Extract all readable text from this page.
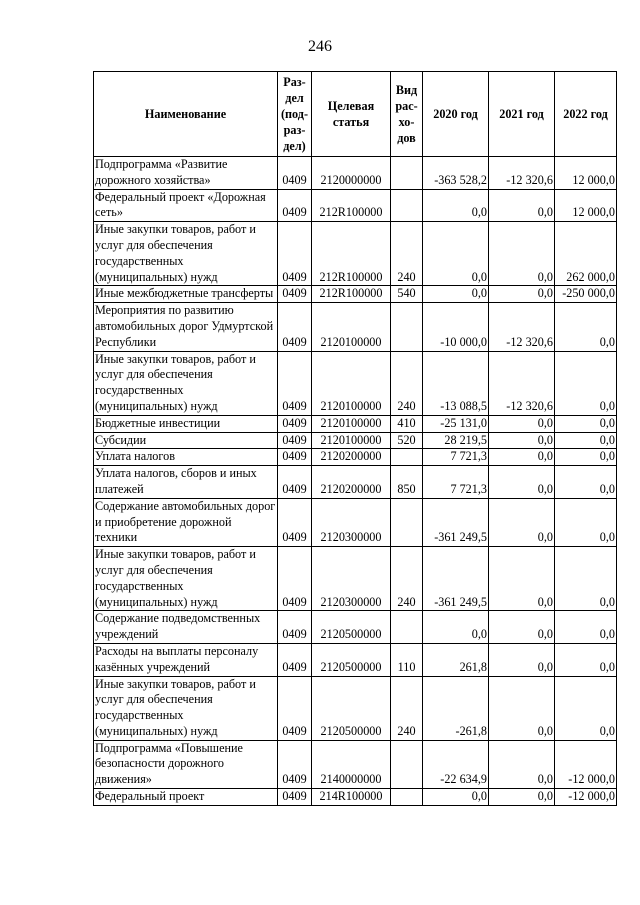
246
Наименование	Раз-дел (под-раз-дел)	Целевая статья	Вид рас-хо-дов	2020 год	2021 год	2022 год
Подпрограмма «Развитие дорожного хозяйства»	0409	2120000000		-363 528,2	-12 320,6	12 000,0
Федеральный проект «Дорожная сеть»	0409	212R100000		0,0	0,0	12 000,0
Иные закупки товаров, работ и услуг для обеспечения государственных (муниципальных) нужд	0409	212R100000	240	0,0	0,0	262 000,0
Иные межбюджетные трансферты	0409	212R100000	540	0,0	0,0	-250 000,0
Мероприятия по развитию автомобильных дорог Удмуртской Республики	0409	2120100000		-10 000,0	-12 320,6	0,0
Иные закупки товаров, работ и услуг для обеспечения государственных (муниципальных) нужд	0409	2120100000	240	-13 088,5	-12 320,6	0,0
Бюджетные инвестиции	0409	2120100000	410	-25 131,0	0,0	0,0
Субсидии	0409	2120100000	520	28 219,5	0,0	0,0
Уплата налогов	0409	2120200000		7 721,3	0,0	0,0
Уплата налогов, сборов и иных платежей	0409	2120200000	850	7 721,3	0,0	0,0
Содержание автомобильных дорог и приобретение дорожной техники	0409	2120300000		-361 249,5	0,0	0,0
Иные закупки товаров, работ и услуг для обеспечения государственных (муниципальных) нужд	0409	2120300000	240	-361 249,5	0,0	0,0
Содержание подведомственных учреждений	0409	2120500000		0,0	0,0	0,0
Расходы на выплаты персоналу казённых учреждений	0409	2120500000	110	261,8	0,0	0,0
Иные закупки товаров, работ и услуг для обеспечения государственных (муниципальных) нужд	0409	2120500000	240	-261,8	0,0	0,0
Подпрограмма «Повышение безопасности дорожного движения»	0409	2140000000		-22 634,9	0,0	-12 000,0
Федеральный проект	0409	214R100000		0,0	0,0	-12 000,0
